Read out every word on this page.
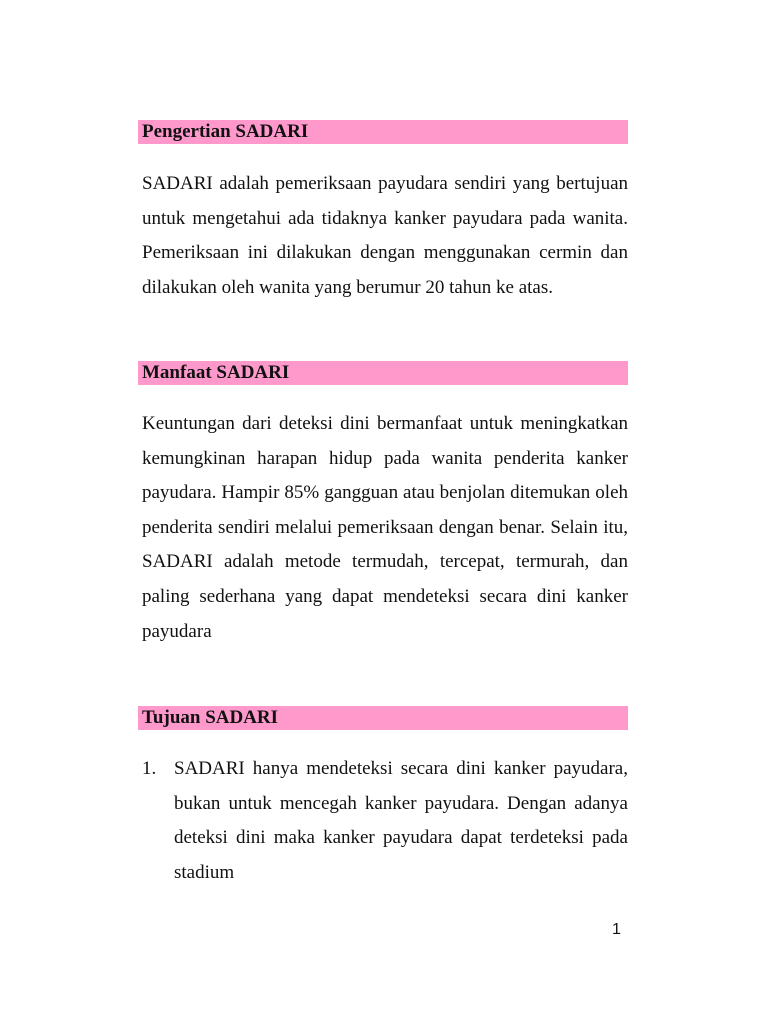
Pengertian SADARI

SADARI adalah pemeriksaan payudara sendiri yang bertujuan untuk mengetahui ada tidaknya kanker payudara pada wanita. Pemeriksaan ini dilakukan dengan menggunakan cermin dan dilakukan oleh wanita yang berumur 20 tahun ke atas.

Manfaat SADARI

Keuntungan dari deteksi dini bermanfaat untuk meningkatkan kemungkinan harapan hidup pada wanita penderita kanker payudara. Hampir 85% gangguan atau benjolan ditemukan oleh penderita sendiri melalui pemeriksaan dengan benar. Selain itu, SADARI adalah metode termudah, tercepat, termurah, dan paling sederhana yang dapat mendeteksi secara dini kanker payudara

Tujuan SADARI
1. SADARI hanya mendeteksi secara dini kanker payudara, bukan untuk mencegah kanker payudara. Dengan adanya deteksi dini maka kanker payudara dapat terdeteksi pada stadium
1
